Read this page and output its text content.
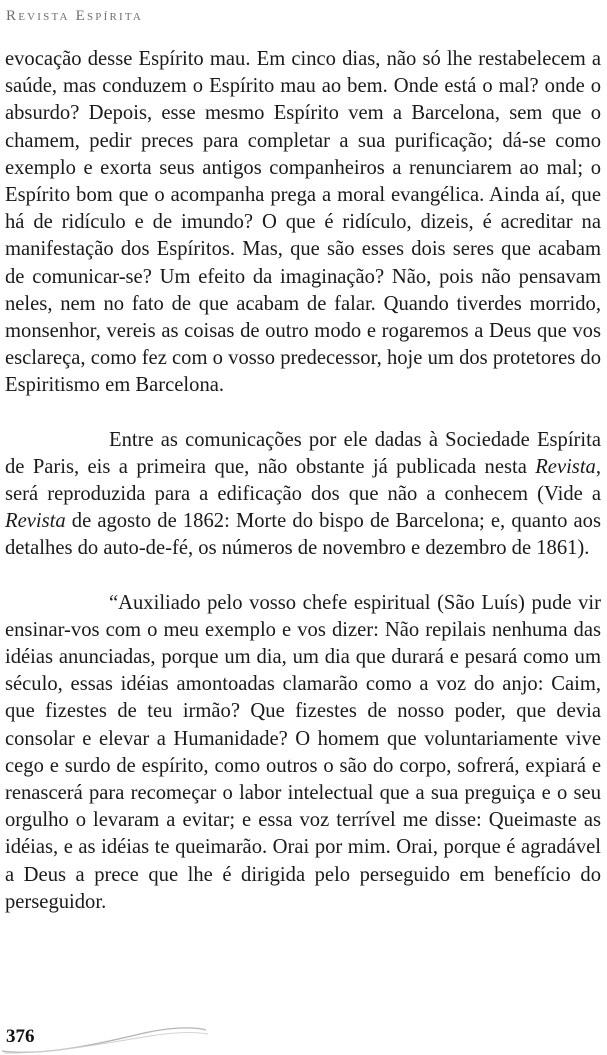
Revista Espírita

evocação desse Espírito mau. Em cinco dias, não só lhe restabelecem a saúde, mas conduzem o Espírito mau ao bem. Onde está o mal? onde o absurdo? Depois, esse mesmo Espírito vem a Barcelona, sem que o chamem, pedir preces para completar a sua purificação; dá-se como exemplo e exorta seus antigos companheiros a renunciarem ao mal; o Espírito bom que o acompanha prega a moral evangélica. Ainda aí, que há de ridículo e de imundo? O que é ridículo, dizeis, é acreditar na manifestação dos Espíritos. Mas, que são esses dois seres que acabam de comunicar-se? Um efeito da imaginação? Não, pois não pensavam neles, nem no fato de que acabam de falar. Quando tiverdes morrido, monsenhor, vereis as coisas de outro modo e rogaremos a Deus que vos esclareça, como fez com o vosso predecessor, hoje um dos protetores do Espiritismo em Barcelona.

Entre as comunicações por ele dadas à Sociedade Espírita de Paris, eis a primeira que, não obstante já publicada nesta Revista, será reproduzida para a edificação dos que não a conhecem (Vide a Revista de agosto de 1862: Morte do bispo de Barcelona; e, quanto aos detalhes do auto-de-fé, os números de novembro e dezembro de 1861).

“Auxiliado pelo vosso chefe espiritual (São Luís) pude vir ensinar-vos com o meu exemplo e vos dizer: Não repilais nenhuma das idéias anunciadas, porque um dia, um dia que durará e pesará como um século, essas idéias amontoadas clamarão como a voz do anjo: Caim, que fizestes de teu irmão? Que fizestes de nosso poder, que devia consolar e elevar a Humanidade? O homem que voluntariamente vive cego e surdo de espírito, como outros o são do corpo, sofrerá, expiará e renascerá para recomeçar o labor intelectual que a sua preguiça e o seu orgulho o levaram a evitar; e essa voz terrível me disse: Queimaste as idéias, e as idéias te queimarão. Orai por mim. Orai, porque é agradável a Deus a prece que lhe é dirigida pelo perseguido em benefício do perseguidor.

376
